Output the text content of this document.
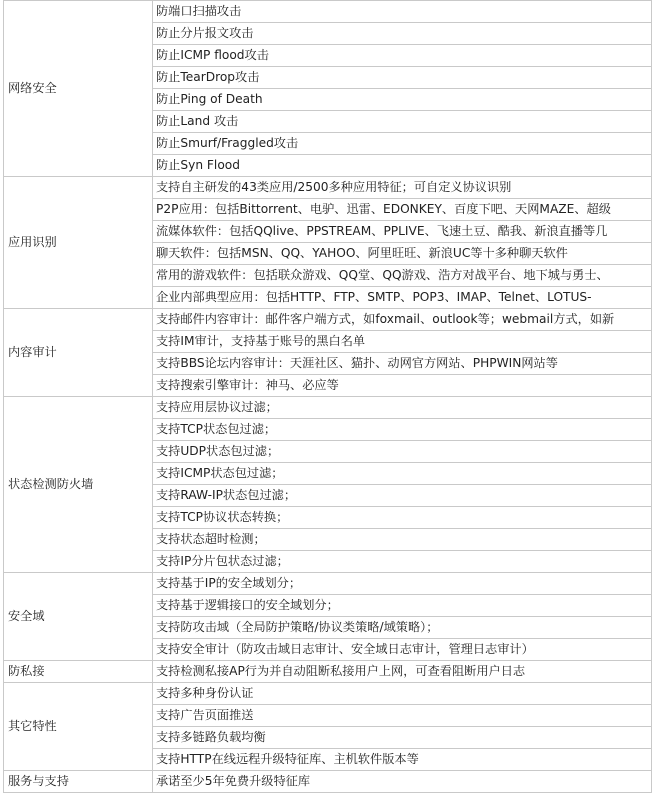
网络安全	防端口扫描攻击
	防止分片报文攻击
	防止ICMP flood攻击
	防止TearDrop攻击
	防止Ping of Death
	防止Land 攻击
	防止Smurf/Fraggled攻击
	防止Syn Flood
应用识别	支持自主研发的43类应用/2500多种应用特征；可自定义协议识别
	P2P应用：包括Bittorrent、电驴、迅雷、EDONKEY、百度下吧、天网MAZE、超级
	流媒体软件：包括QQlive、PPSTREAM、PPLIVE、飞速土豆、酷我、新浪直播等几
	聊天软件：包括MSN、QQ、YAHOO、阿里旺旺、新浪UC等十多种聊天软件
	常用的游戏软件：包括联众游戏、QQ堂、QQ游戏、浩方对战平台、地下城与勇士、
	企业内部典型应用：包括HTTP、FTP、SMTP、POP3、IMAP、Telnet、LOTUS-
内容审计	支持邮件内容审计：邮件客户端方式，如foxmail、outlook等；webmail方式，如新
	支持IM审计，支持基于账号的黑白名单
	支持BBS论坛内容审计：天涯社区、猫扑、动网官方网站、PHPWIN网站等
	支持搜索引擎审计：神马、必应等
状态检测防火墙	支持应用层协议过滤；
	支持TCP状态包过滤；
	支持UDP状态包过滤；
	支持ICMP状态包过滤；
	支持RAW-IP状态包过滤；
	支持TCP协议状态转换；
	支持状态超时检测；
	支持IP分片包状态过滤；
安全域	支持基于IP的安全域划分；
	支持基于逻辑接口的安全域划分；
	支持防攻击域（全局防护策略/协议类策略/域策略）；
	支持安全审计（防攻击域日志审计、安全域日志审计，管理日志审计）
防私接	支持检测私接AP行为并自动阻断私接用户上网，可查看阻断用户日志
其它特性	支持多种身份认证
	支持广告页面推送
	支持多链路负载均衡
	支持HTTP在线远程升级特征库、主机软件版本等
服务与支持	承诺至少5年免费升级特征库
